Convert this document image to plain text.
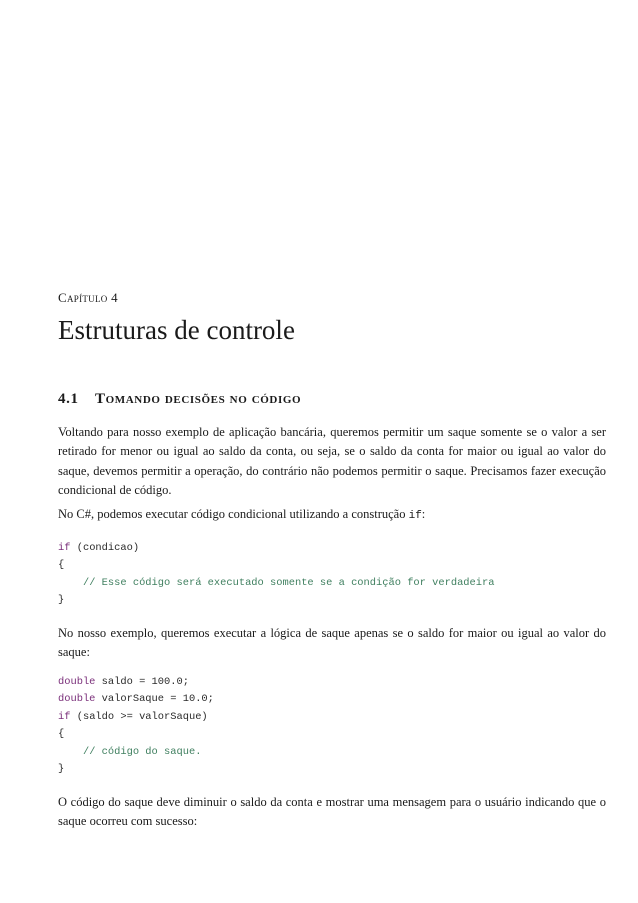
Capítulo 4
Estruturas de controle
4.1 Tomando decisões no código

Voltando para nosso exemplo de aplicação bancária, queremos permitir um saque somente se o valor a ser retirado for menor ou igual ao saldo da conta, ou seja, se o saldo da conta for maior ou igual ao valor do saque, devemos permitir a operação, do contrário não podemos permitir o saque. Precisamos fazer execução condicional de código.

No C#, podemos executar código condicional utilizando a construção if:

if (condicao)
{
// Esse código será executado somente se a condição for verdadeira
}

No nosso exemplo, queremos executar a lógica de saque apenas se o saldo for maior ou igual ao valor do saque:

double saldo = 100.0;
double valorSaque = 10.0;
if (saldo >= valorSaque)
{
// código do saque.
}

O código do saque deve diminuir o saldo da conta e mostrar uma mensagem para o usuário indicando que o saque ocorreu com sucesso:
